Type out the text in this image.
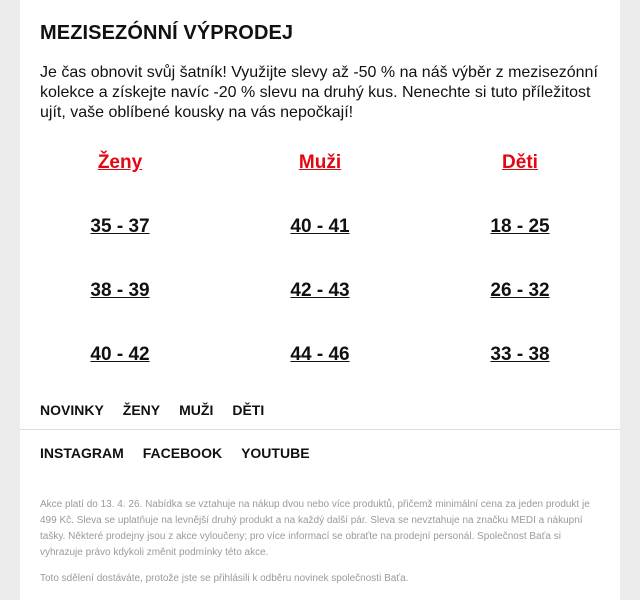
MEZISEZÓNNÍ VÝPRODEJ

Je čas obnovit svůj šatník! Využijte slevy až -50 % na náš výběr z mezisezónní kolekce a získejte navíc -20 % slevu na druhý kus. Nenechte si tuto příležitost ujít, vaše oblíbené kousky na vás nepočkají!

Ženy
35 - 37
38 - 39
40 - 42
Muži
40 - 41
42 - 43
44 - 46
Děti
18 - 25
26 - 32
33 - 38
NOVINKY ŽENY MUŽI DĚTI
INSTAGRAM FACEBOOK YOUTUBE

Akce platí do 13. 4. 26. Nabídka se vztahuje na nákup dvou nebo více produktů, přičemž minimální cena za jeden produkt je 499 Kč. Sleva se uplatňuje na levnější druhý produkt a na každý další pár. Sleva se nevztahuje na značku MEDI a nákupní tašky. Některé prodejny jsou z akce vyloučeny; pro více informací se obraťte na prodejní personál. Společnost Baťa si vyhrazuje právo kdykoli změnit podmínky této akce.

Toto sdělení dostáváte, protože jste se přihlásili k odběru novinek společnosti Baťa.
